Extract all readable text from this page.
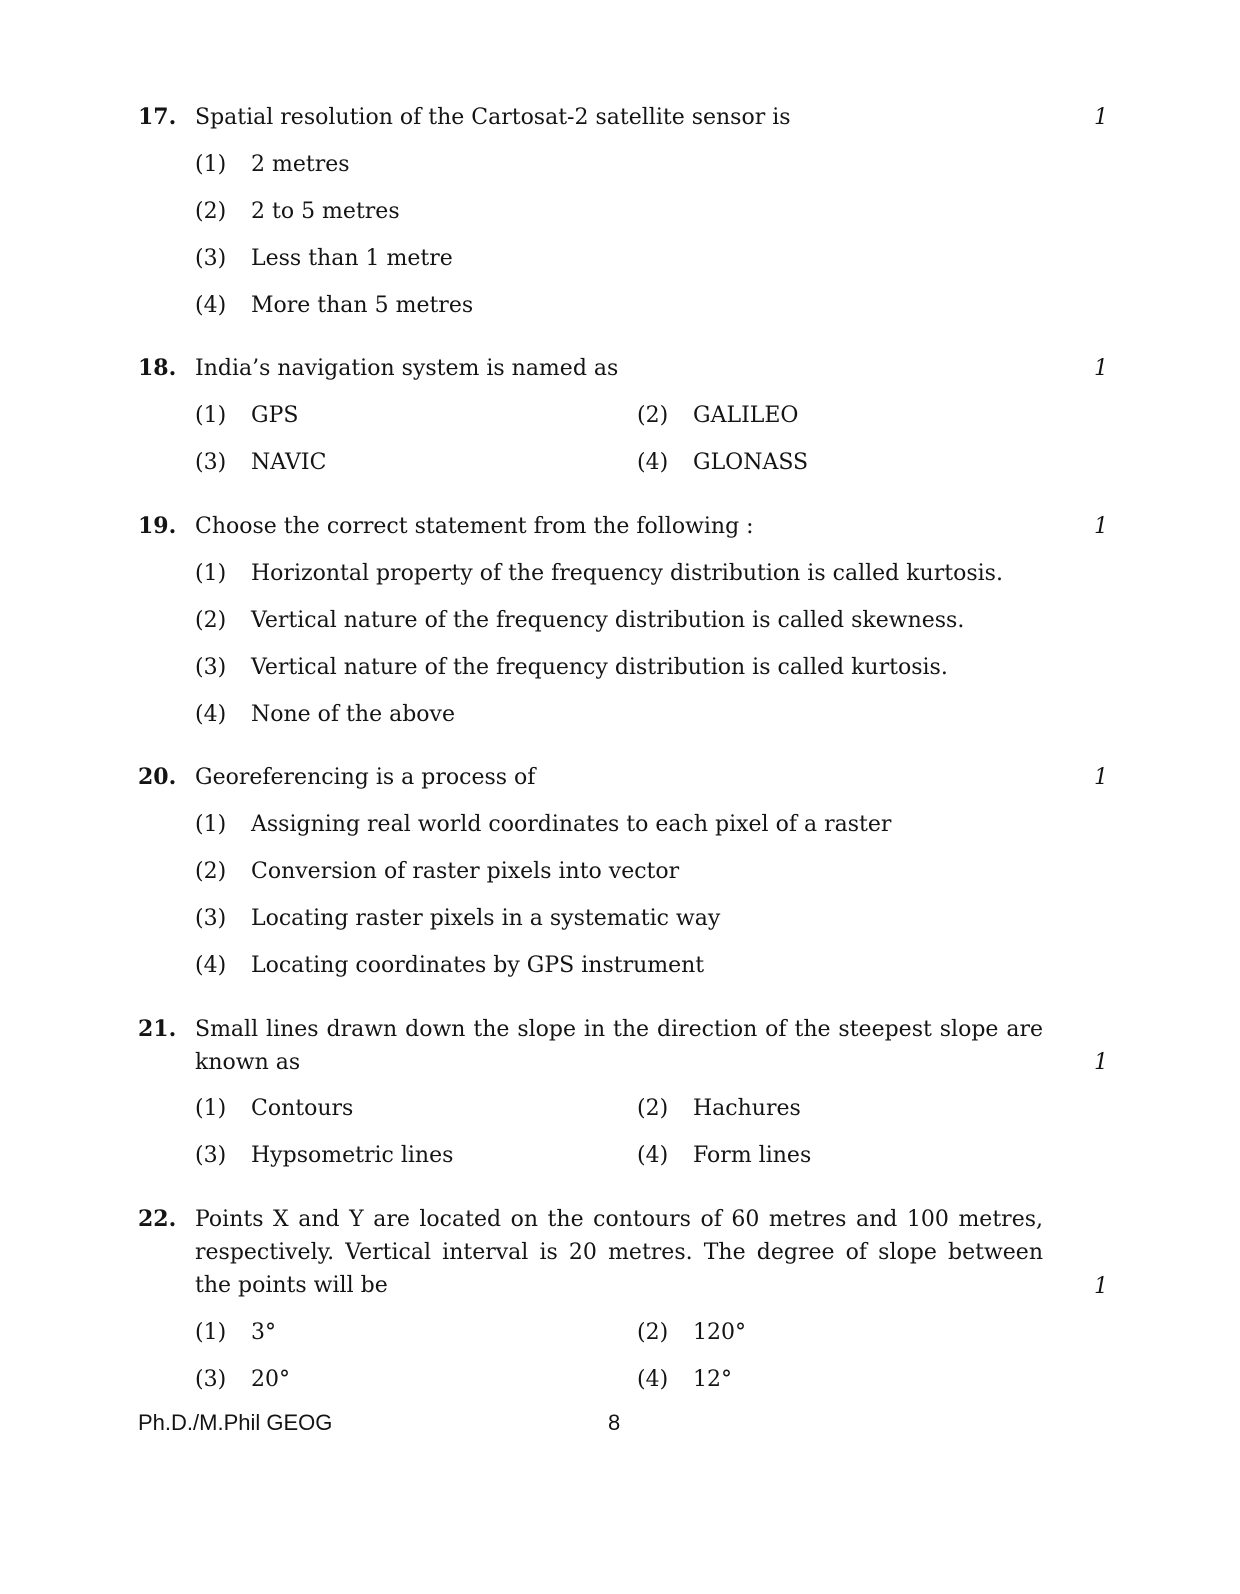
17. Spatial resolution of the Cartosat-2 satellite sensor is	1
(1) 2 metres
(2) 2 to 5 metres
(3) Less than 1 metre
(4) More than 5 metres
18. India’s navigation system is named as	1
(1) GPS	(2) GALILEO
(3) NAVIC	(4) GLONASS
19. Choose the correct statement from the following :	1
(1) Horizontal property of the frequency distribution is called kurtosis.
(2) Vertical nature of the frequency distribution is called skewness.
(3) Vertical nature of the frequency distribution is called kurtosis.
(4) None of the above
20. Georeferencing is a process of	1
(1) Assigning real world coordinates to each pixel of a raster
(2) Conversion of raster pixels into vector
(3) Locating raster pixels in a systematic way
(4) Locating coordinates by GPS instrument
21. Small lines drawn down the slope in the direction of the steepest slope are known as	1
(1) Contours	(2) Hachures
(3) Hypsometric lines	(4) Form lines
22. Points X and Y are located on the contours of 60 metres and 100 metres, respectively. Vertical interval is 20 metres. The degree of slope between the points will be	1
(1) 3°	(2) 120°
(3) 20°	(4) 12°
Ph.D./M.Phil GEOG	8
